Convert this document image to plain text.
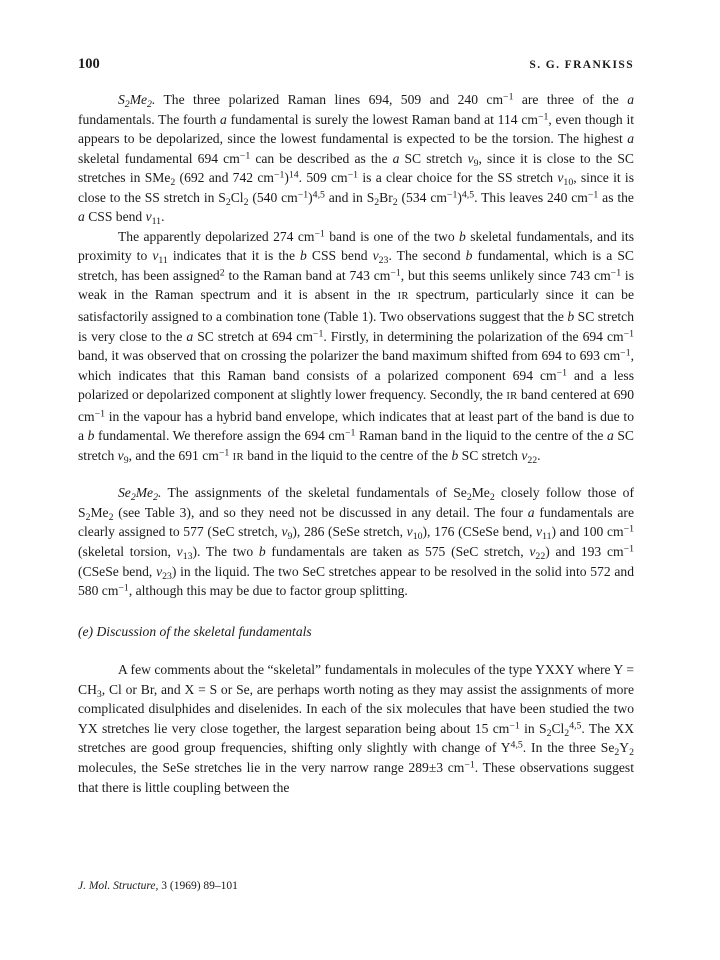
100	S. G. FRANKISS

$S_2Me_2$. The three polarized Raman lines 694, 509 and 240 $cm^{-1}$ are three of the a fundamentals. The fourth a fundamental is surely the lowest Raman band at 114 $cm^{-1}$, even though it appears to be depolarized, since the lowest fundamental is expected to be the torsion. The highest a skeletal fundamental 694 $cm^{-1}$ can be described as the a SC stretch $v_9$, since it is close to the SC stretches in SMe$_2$ (692 and 742 $cm^{-1})^{14}$. 509 $cm^{-1}$ is a clear choice for the SS stretch $v_{10}$, since it is close to the SS stretch in $S_2Cl_2$ (540 $cm^{-1})^{4,5}$ and in $S_2Br_2$ (534 $cm^{-1})^{4,5}$. This leaves 240 $cm^{-1}$ as the a CSS bend $v_{11}$.

The apparently depolarized 274 $cm^{-1}$ band is one of the two b skeletal fundamentals, and its proximity to $v_{11}$ indicates that it is the b CSS bend $v_{23}$. The second b fundamental, which is a SC stretch, has been assigned$^2$ to the Raman band at 743 $cm^{-1}$, but this seems unlikely since 743 $cm^{-1}$ is weak in the Raman spectrum and it is absent in the IR spectrum, particularly since it can be satisfactorily assigned to a combination tone (Table 1). Two observations suggest that the b SC stretch is very close to the a SC stretch at 694 $cm^{-1}$. Firstly, in determining the polarization of the 694 $cm^{-1}$ band, it was observed that on crossing the polarizer the band maximum shifted from 694 to 693 $cm^{-1}$, which indicates that this Raman band consists of a polarized component 694 $cm^{-1}$ and a less polarized or depolarized component at slightly lower frequency. Secondly, the IR band centered at 690 $cm^{-1}$ in the vapour has a hybrid band envelope, which indicates that at least part of the band is due to a b fundamental. We therefore assign the 694 $cm^{-1}$ Raman band in the liquid to the centre of the a SC stretch $v_9$, and the 691 $cm^{-1}$ IR band in the liquid to the centre of the b SC stretch $v_{22}$.

$Se_2Me_2$. The assignments of the skeletal fundamentals of $Se_2Me_2$ closely follow those of $S_2Me_2$ (see Table 3), and so they need not be discussed in any detail. The four a fundamentals are clearly assigned to 577 (SeC stretch, $v_9$), 286 (SeSe stretch, $v_{10}$), 176 (CSeSe bend, $v_{11}$) and 100 $cm^{-1}$ (skeletal torsion, $v_{13}$). The two b fundamentals are taken as 575 (SeC stretch, $v_{22}$) and 193 $cm^{-1}$ (CSeSe bend, $v_{23}$) in the liquid. The two SeC stretches appear to be resolved in the solid into 572 and 580 $cm^{-1}$, although this may be due to factor group splitting.

(e) Discussion of the skeletal fundamentals

A few comments about the “skeletal” fundamentals in molecules of the type YXXY where $Y = CH_3$, Cl or Br, and X = S or Se, are perhaps worth noting as they may assist the assignments of more complicated disulphides and diselenides. In each of the six molecules that have been studied the two YX stretches lie very close together, the largest separation being about 15 $cm^{-1}$ in $S_2Cl_2^{4,5}$. The XX stretches are good group frequencies, shifting only slightly with change of Y$^{4,5}$. In the three $Se_2Y_2$ molecules, the SeSe stretches lie in the very narrow range 289±3 $cm^{-1}$. These observations suggest that there is little coupling between the

J. Mol. Structure, 3 (1969) 89–101
